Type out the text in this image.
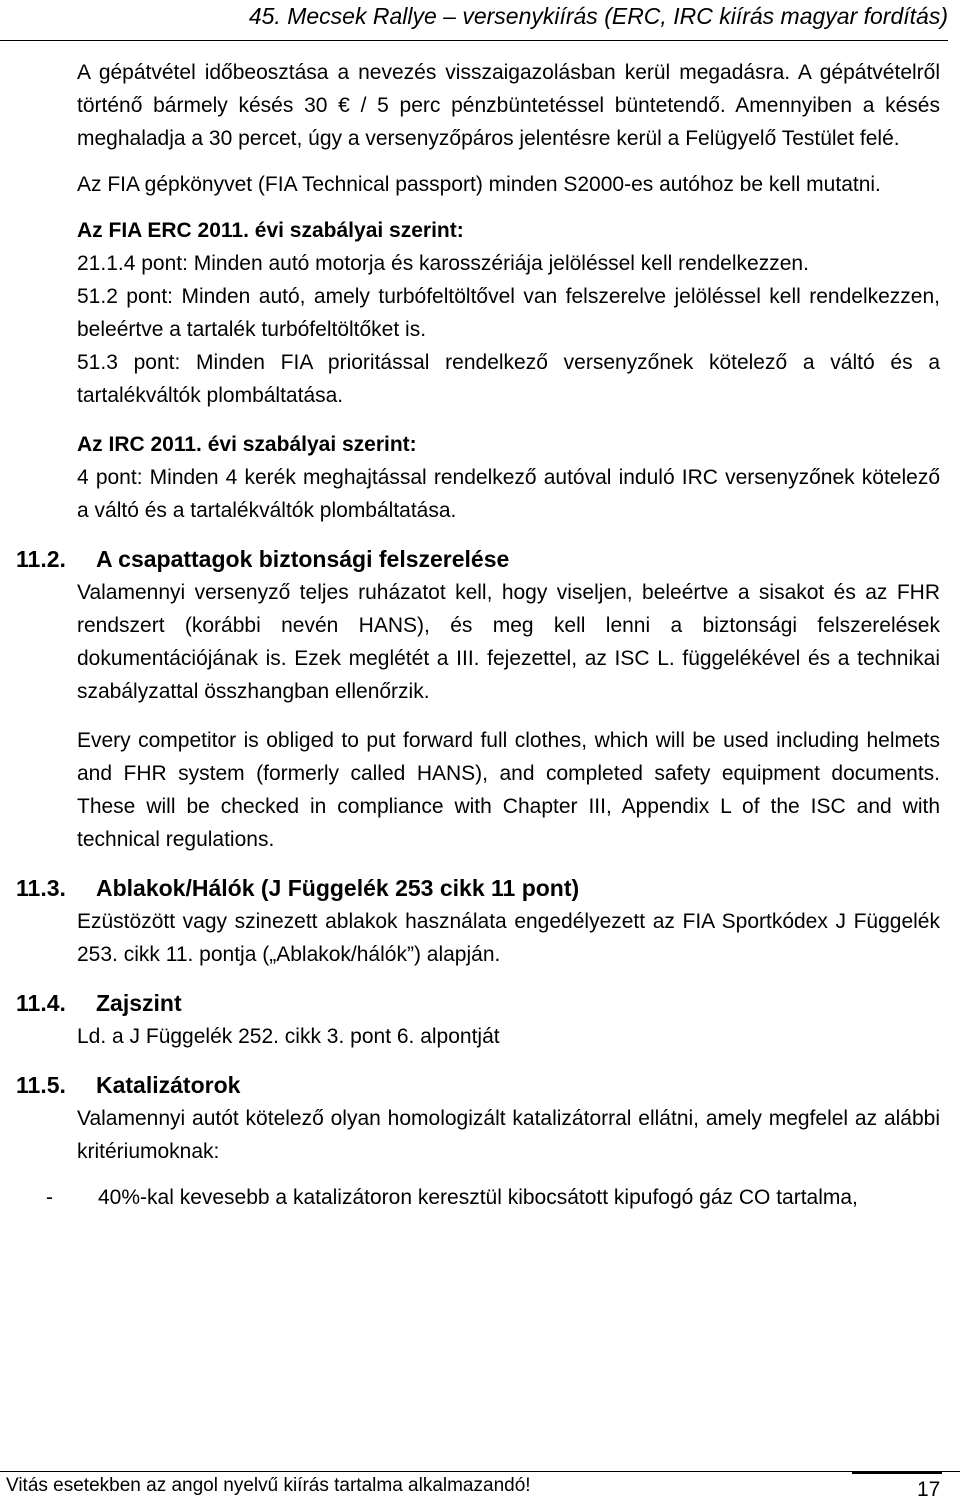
45. Mecsek Rallye – versenykiírás (ERC, IRC kiírás magyar fordítás)

A gépátvétel időbeosztása a nevezés visszaigazolásban kerül megadásra. A gépátvételről történő bármely késés 30 € / 5 perc pénzbüntetéssel büntetendő. Amennyiben a késés meghaladja a 30 percet, úgy a versenyzőpáros jelentésre kerül a Felügyelő Testület felé.

Az FIA gépkönyvet (FIA Technical passport) minden S2000-es autóhoz be kell mutatni.

Az FIA ERC 2011. évi szabályai szerint:

21.1.4 pont: Minden autó motorja és karosszériája jelöléssel kell rendelkezzen.

51.2 pont: Minden autó, amely turbófeltöltővel van felszerelve jelöléssel kell rendelkezzen, beleértve a tartalék turbófeltöltőket is.

51.3 pont: Minden FIA prioritással rendelkező versenyzőnek kötelező a váltó és a tartalékváltók plombáltatása.

Az IRC 2011. évi szabályai szerint:

4 pont: Minden 4 kerék meghajtással rendelkező autóval induló IRC versenyzőnek kötelező a váltó és a tartalékváltók plombáltatása.

11.2. A csapattagok biztonsági felszerelése

Valamennyi versenyző teljes ruházatot kell, hogy viseljen, beleértve a sisakot és az FHR rendszert (korábbi nevén HANS), és meg kell lenni a biztonsági felszerelések dokumentációjának is. Ezek meglétét a III. fejezettel, az ISC L. függelékével és a technikai szabályzattal összhangban ellenőrzik.

Every competitor is obliged to put forward full clothes, which will be used including helmets and FHR system (formerly called HANS), and completed safety equipment documents. These will be checked in compliance with Chapter III, Appendix L of the ISC and with technical regulations.

11.3. Ablakok/Hálók (J Függelék 253 cikk 11 pont)

Ezüstözött vagy szinezett ablakok használata engedélyezett az FIA Sportkódex J Függelék 253. cikk 11. pontja („Ablakok/hálók”) alapján.

11.4. Zajszint

Ld. a J Függelék 252. cikk 3. pont 6. alpontját

11.5. Katalizátorok

Valamennyi autót kötelező olyan homologizált katalizátorral ellátni, amely megfelel az alábbi kritériumoknak:

- 40%-kal kevesebb a katalizátoron keresztül kibocsátott kipufogó gáz CO tartalma,
Vitás esetekben az angol nyelvű kiírás tartalma alkalmazandó!	17
